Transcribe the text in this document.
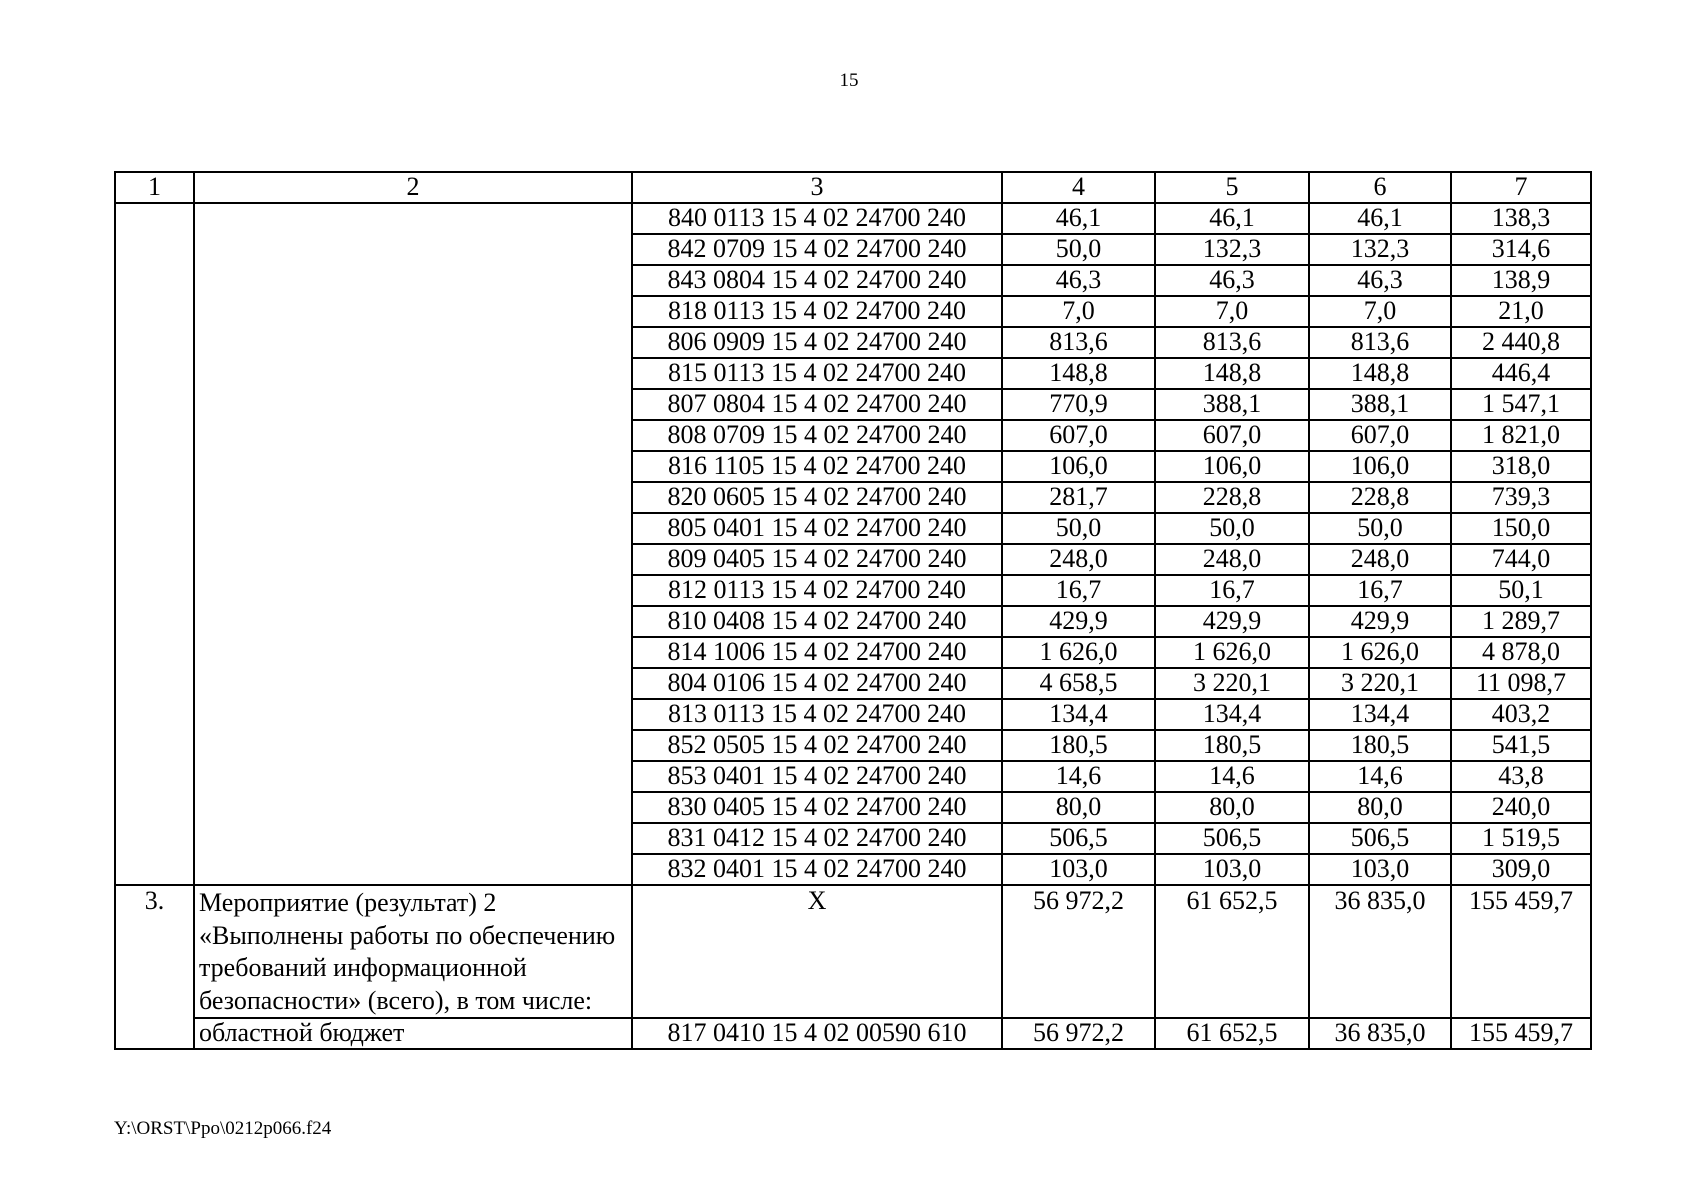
15
1	2	3	4	5	6	7
		840 0113 15 4 02 24700 240	46,1	46,1	46,1	138,3
		842 0709 15 4 02 24700 240	50,0	132,3	132,3	314,6
		843 0804 15 4 02 24700 240	46,3	46,3	46,3	138,9
		818 0113 15 4 02 24700 240	7,0	7,0	7,0	21,0
		806 0909 15 4 02 24700 240	813,6	813,6	813,6	2 440,8
		815 0113 15 4 02 24700 240	148,8	148,8	148,8	446,4
		807 0804 15 4 02 24700 240	770,9	388,1	388,1	1 547,1
		808 0709 15 4 02 24700 240	607,0	607,0	607,0	1 821,0
		816 1105 15 4 02 24700 240	106,0	106,0	106,0	318,0
		820 0605 15 4 02 24700 240	281,7	228,8	228,8	739,3
		805 0401 15 4 02 24700 240	50,0	50,0	50,0	150,0
		809 0405 15 4 02 24700 240	248,0	248,0	248,0	744,0
		812 0113 15 4 02 24700 240	16,7	16,7	16,7	50,1
		810 0408 15 4 02 24700 240	429,9	429,9	429,9	1 289,7
		814 1006 15 4 02 24700 240	1 626,0	1 626,0	1 626,0	4 878,0
		804 0106 15 4 02 24700 240	4 658,5	3 220,1	3 220,1	11 098,7
		813 0113 15 4 02 24700 240	134,4	134,4	134,4	403,2
		852 0505 15 4 02 24700 240	180,5	180,5	180,5	541,5
		853 0401 15 4 02 24700 240	14,6	14,6	14,6	43,8
		830 0405 15 4 02 24700 240	80,0	80,0	80,0	240,0
		831 0412 15 4 02 24700 240	506,5	506,5	506,5	1 519,5
		832 0401 15 4 02 24700 240	103,0	103,0	103,0	309,0
3.	Мероприятие (результат) 2 «Выполнены работы по обеспечению требований информационной безопасности» (всего), в том числе:	X	56 972,2	61 652,5	36 835,0	155 459,7
	областной бюджет	817 0410 15 4 02 00590 610	56 972,2	61 652,5	36 835,0	155 459,7
Y:\ORST\Ppo\0212p066.f24
